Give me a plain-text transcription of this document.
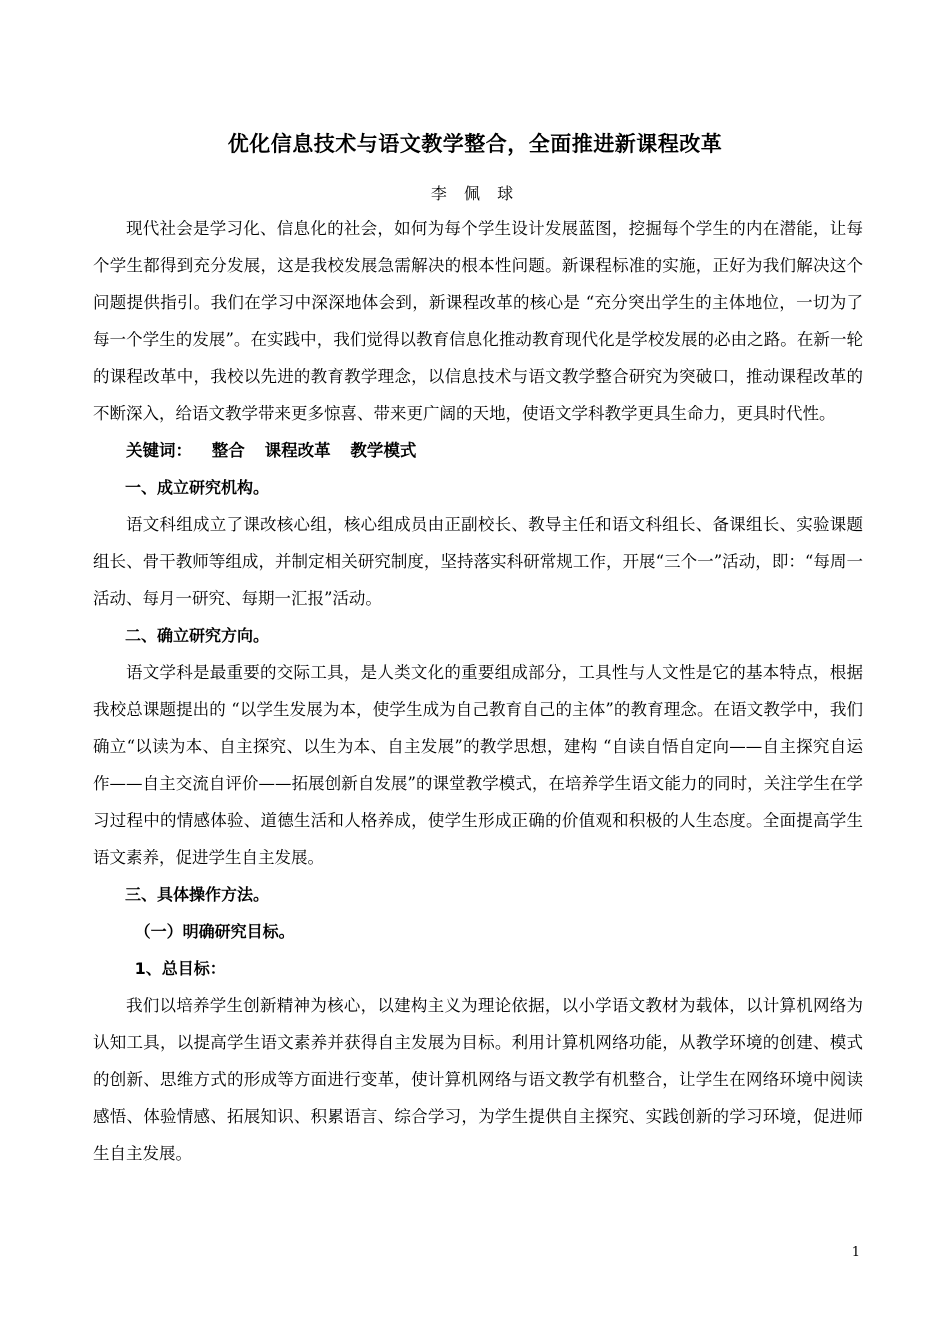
优化信息技术与语文教学整合，全面推进新课程改革
李 佩 球

现代社会是学习化、信息化的社会，如何为每个学生设计发展蓝图，挖掘每个学生的内在潜能，让每个学生都得到充分发展，这是我校发展急需解决的根本性问题。新课程标准的实施，正好为我们解决这个问题提供指引。我们在学习中深深地体会到，新课程改革的核心是 “充分突出学生的主体地位，一切为了每一个学生的发展”。在实践中，我们觉得以教育信息化推动教育现代化是学校发展的必由之路。在新一轮的课程改革中，我校以先进的教育教学理念，以信息技术与语文教学整合研究为突破口，推动课程改革的不断深入，给语文教学带来更多惊喜、带来更广阔的天地，使语文学科教学更具生命力，更具时代性。

关键词： 整合 课程改革 教学模式

一、成立研究机构。

语文科组成立了课改核心组，核心组成员由正副校长、教导主任和语文科组长、备课组长、实验课题组长、骨干教师等组成，并制定相关研究制度，坚持落实科研常规工作，开展“三个一”活动，即：“每周一活动、每月一研究、每期一汇报”活动。

二、确立研究方向。

语文学科是最重要的交际工具，是人类文化的重要组成部分，工具性与人文性是它的基本特点，根据我校总课题提出的 “以学生发展为本，使学生成为自己教育自己的主体”的教育理念。在语文教学中，我们确立“以读为本、自主探究、以生为本、自主发展”的教学思想，建构 “自读自悟自定向——自主探究自运作——自主交流自评价——拓展创新自发展”的课堂教学模式，在培养学生语文能力的同时，关注学生在学习过程中的情感体验、道德生活和人格养成，使学生形成正确的价值观和积极的人生态度。全面提高学生语文素养，促进学生自主发展。

三、具体操作方法。

（一）明确研究目标。

1、总目标：

我们以培养学生创新精神为核心，以建构主义为理论依据，以小学语文教材为载体，以计算机网络为认知工具，以提高学生语文素养并获得自主发展为目标。利用计算机网络功能，从教学环境的创建、模式的创新、思维方式的形成等方面进行变革，使计算机网络与语文教学有机整合，让学生在网络环境中阅读感悟、体验情感、拓展知识、积累语言、综合学习，为学生提供自主探究、实践创新的学习环境，促进师生自主发展。

1
